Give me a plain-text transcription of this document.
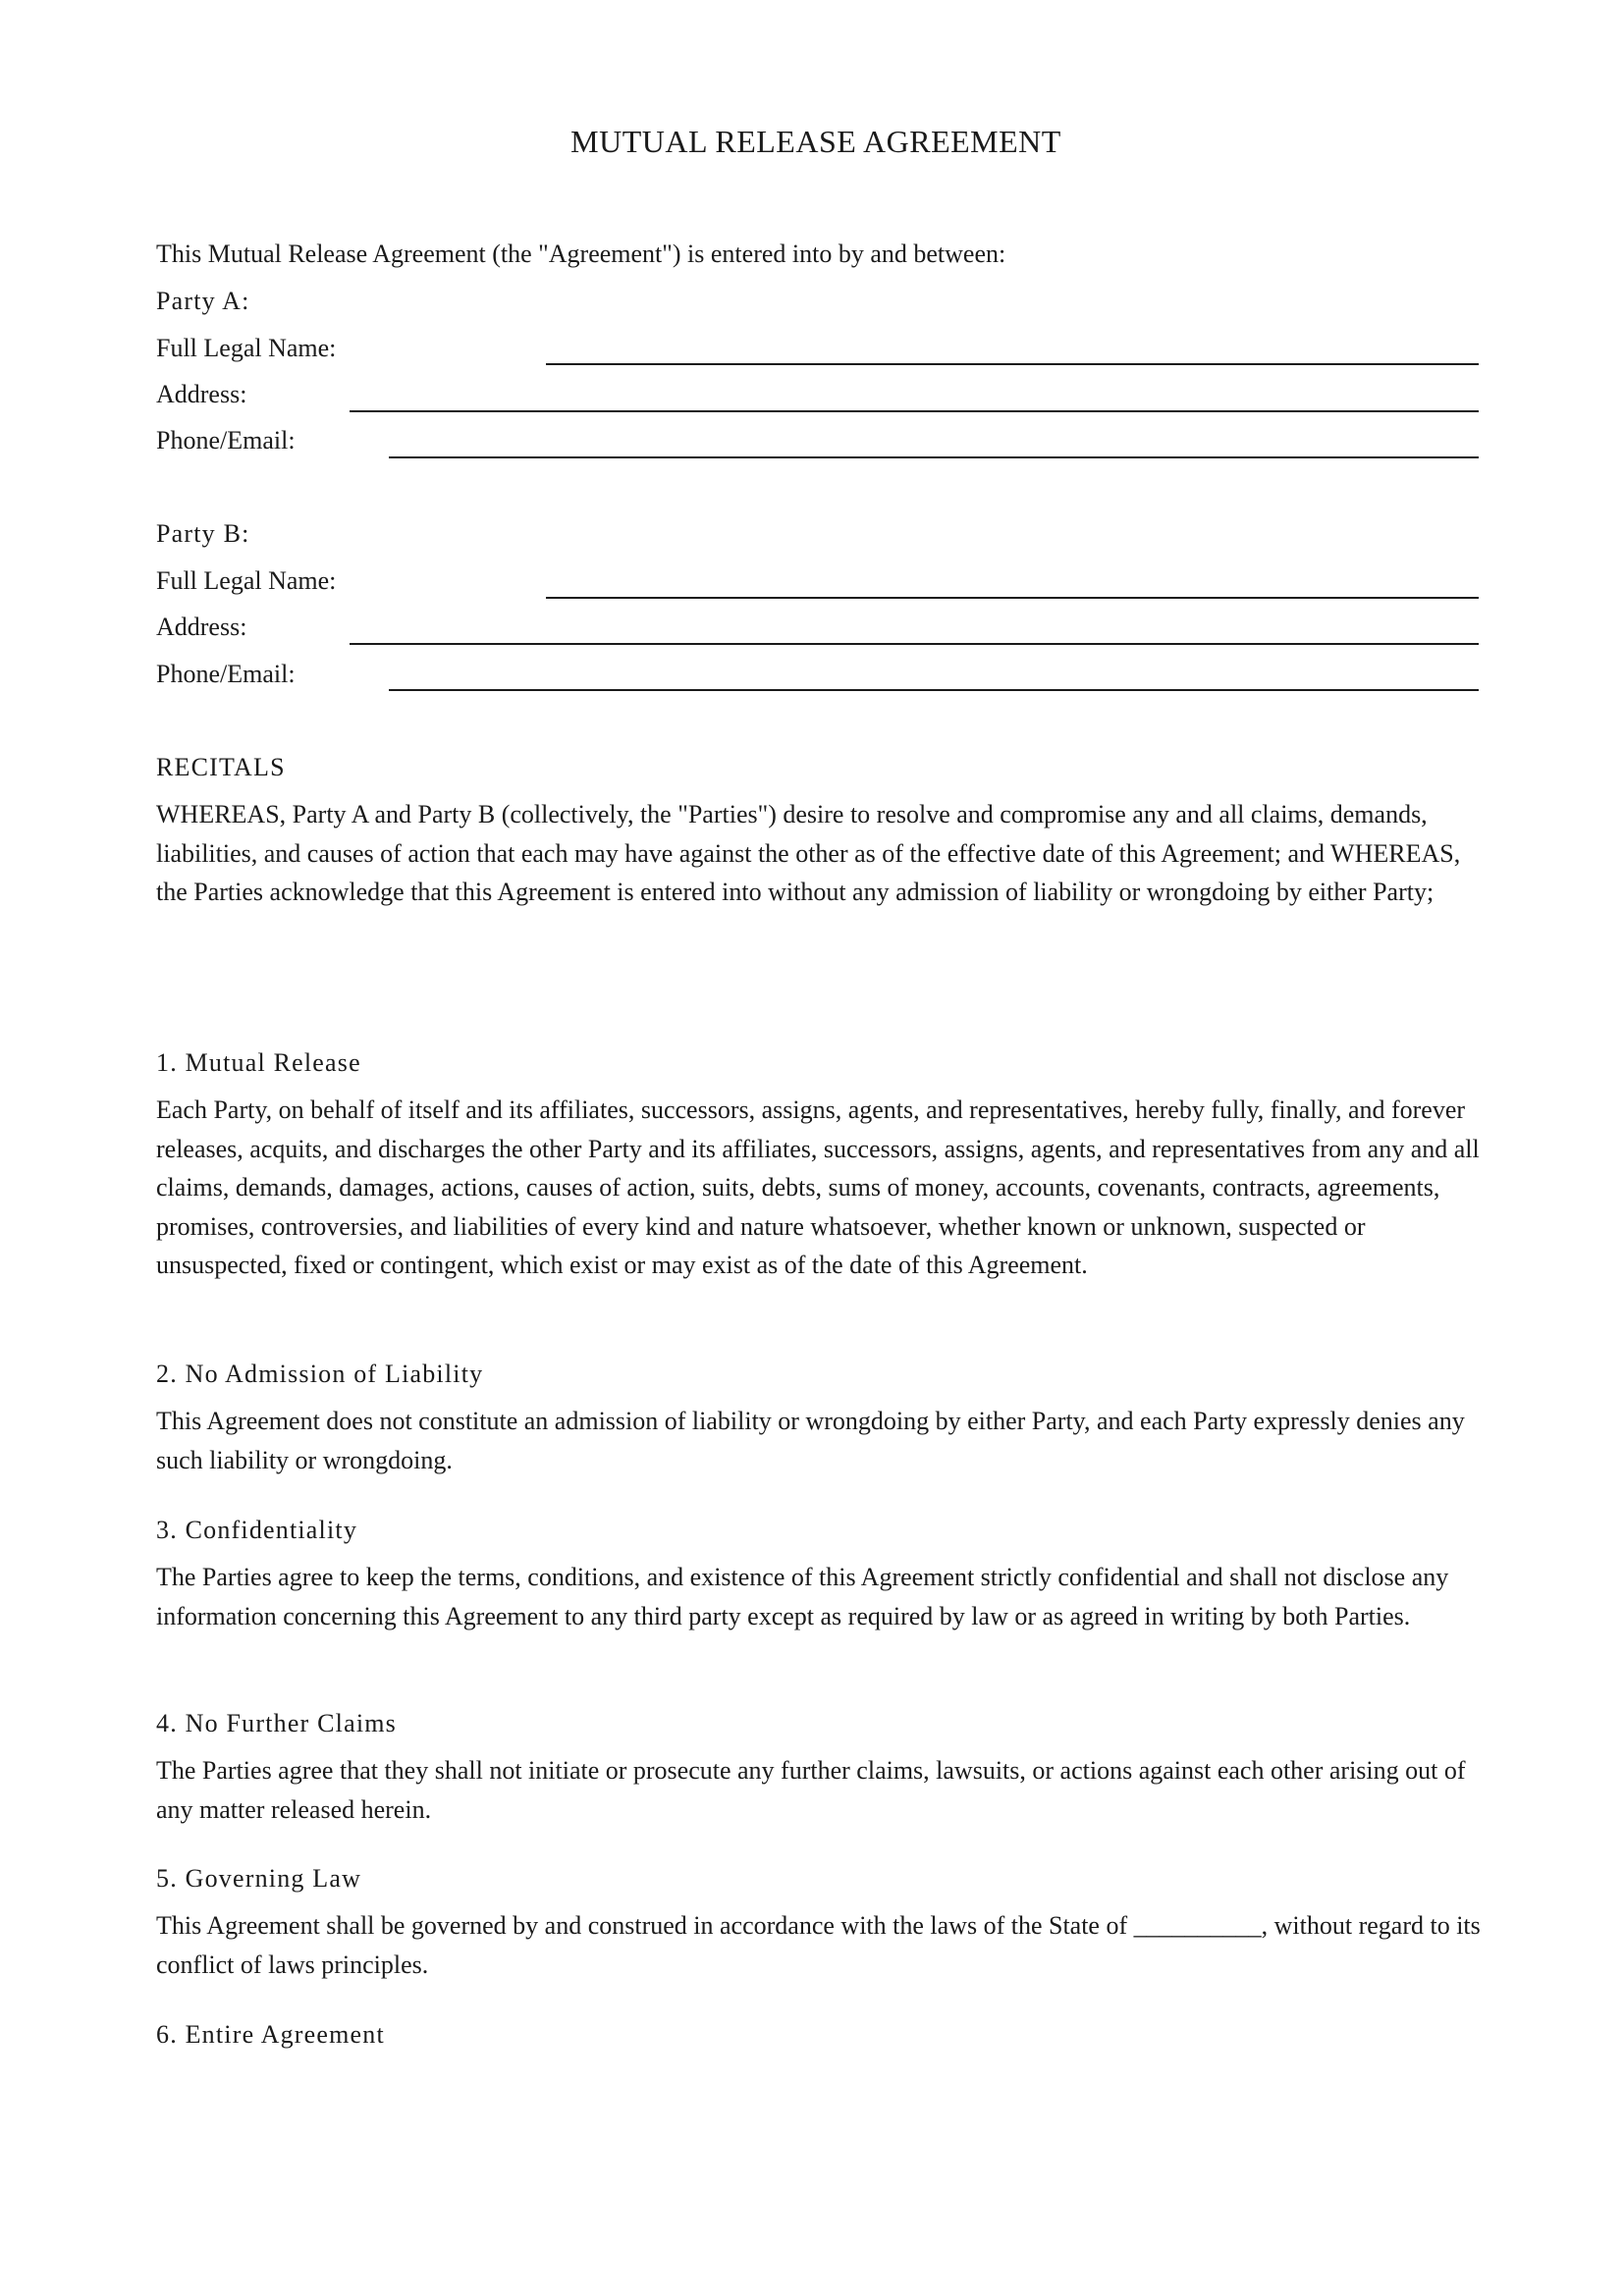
MUTUAL RELEASE AGREEMENT
This Mutual Release Agreement (the "Agreement") is entered into by and between:
Party A:
Full Legal Name:
Address:
Phone/Email:
Party B:
Full Legal Name:
Address:
Phone/Email:
RECITALS
WHEREAS, Party A and Party B (collectively, the "Parties") desire to resolve and compromise any and all claims, demands, liabilities, and causes of action that each may have against the other as of the effective date of this Agreement; and WHEREAS, the Parties acknowledge that this Agreement is entered into without any admission of liability or wrongdoing by either Party;
1. Mutual Release
Each Party, on behalf of itself and its affiliates, successors, assigns, agents, and representatives, hereby fully, finally, and forever releases, acquits, and discharges the other Party and its affiliates, successors, assigns, agents, and representatives from any and all claims, demands, damages, actions, causes of action, suits, debts, sums of money, accounts, covenants, contracts, agreements, promises, controversies, and liabilities of every kind and nature whatsoever, whether known or unknown, suspected or unsuspected, fixed or contingent, which exist or may exist as of the date of this Agreement.
2. No Admission of Liability
This Agreement does not constitute an admission of liability or wrongdoing by either Party, and each Party expressly denies any such liability or wrongdoing.
3. Confidentiality
The Parties agree to keep the terms, conditions, and existence of this Agreement strictly confidential and shall not disclose any information concerning this Agreement to any third party except as required by law or as agreed in writing by both Parties.
4. No Further Claims
The Parties agree that they shall not initiate or prosecute any further claims, lawsuits, or actions against each other arising out of any matter released herein.
5. Governing Law
This Agreement shall be governed by and construed in accordance with the laws of the State of __________, without regard to its conflict of laws principles.
6. Entire Agreement
